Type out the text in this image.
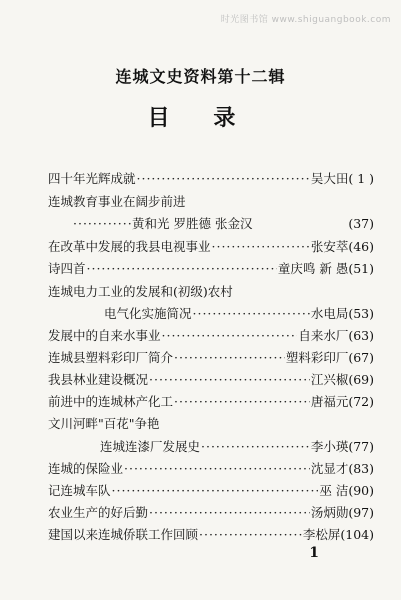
时光图书馆 www.shiguangbook.com
连城文史资料第十二辑
目 录
四十年光辉成就 ·····	吴大田 ( 1 )
连城教育事业在阔步前进
·····
黄和光 罗胜德 张金汉	(37)
在改革中发展的我县电视事业 ·····	张安萃 (46)
诗四首 ·····	童庆鸣 新 愚 (51)
连城电力工业的发展和(初级)农村
电气化实施简况 ·····	水电局 (53)
发展中的自来水事业 ·····	自来水厂 (63)
连城县塑料彩印厂简介 ·····	塑料彩印厂 (67)
我县林业建设概况 ·····	江兴椒 (69)
前进中的连城林产化工 ·····	唐福元 (72)
文川河畔"百花"争艳
连城连漆厂发展史 ·····	李小瑛 (77)
连城的保险业 ·····	沈显才 (83)
记连城车队 ·····	巫 洁 (90)
农业生产的好后勤 ·····	汤炳勋 (97)
建国以来连城侨联工作回顾 ·····	李松屏 (104)
1
